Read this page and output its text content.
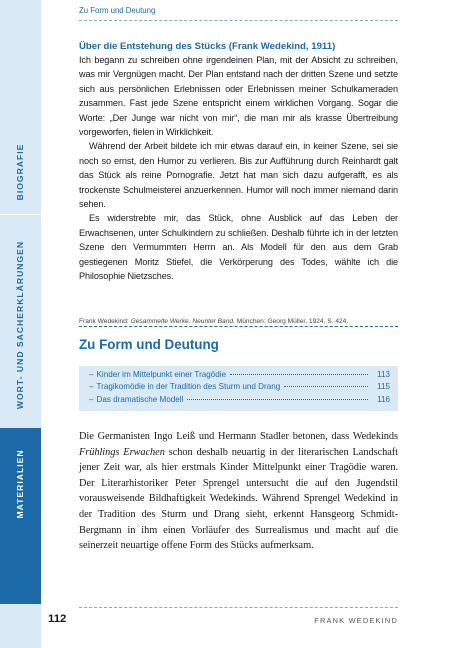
BIOGRAFIE
WORT- UND SACHERKLÄRUNGEN
MATERIALIEN
Zu Form und Deutung
Über die Entstehung des Stücks (Frank Wedekind, 1911)

Ich begann zu schreiben ohne irgendeinen Plan, mit der Absicht zu schreiben, was mir Vergnügen macht. Der Plan entstand nach der dritten Szene und setzte sich aus persönlichen Erlebnissen oder Erlebnissen meiner Schulkameraden zusammen. Fast jede Szene entspricht einem wirklichen Vorgang. Sogar die Worte: „Der Junge war nicht von mir“, die man mir als krasse Übertreibung vorgeworfen, fielen in Wirklichkeit.

Während der Arbeit bildete ich mir etwas darauf ein, in keiner Szene, sei sie noch so ernst, den Humor zu verlieren. Bis zur Aufführung durch Reinhardt galt das Stück als reine Pornografie. Jetzt hat man sich dazu aufgerafft, es als trockenste Schulmeisterei anzuerkennen. Humor will noch immer niemand darin sehen.

Es widerstrebte mir, das Stück, ohne Ausblick auf das Leben der Erwachsenen, unter Schulkindern zu schließen. Deshalb führte ich in der letzten Szene den Vermummten Herrn an. Als Modell für den aus dem Grab gestiegenen Moritz Stiefel, die Verkörperung des Todes, wählte ich die Philosophie Nietzsches.

Frank Wedekind: Gesammelte Werke. Neunter Band. München: Georg Müller, 1924, S. 424.
Zu Form und Deutung
– Kinder im Mittelpunkt einer Tragödie	113
– Tragikomödie in der Tradition des Sturm und Drang	115
– Das dramatische Modell	116
Die Germanisten Ingo Leiß und Hermann Stadler betonen, dass Wedekinds Frühlings Erwachen schon deshalb neuartig in der literarischen Landschaft jener Zeit war, als hier erstmals Kinder Mittelpunkt einer Tragödie waren. Der Literarhistoriker Peter Sprengel untersucht die auf den Jugendstil vorausweisende Bildhaftigkeit Wedekinds. Während Sprengel Wedekind in der Tradition des Sturm und Drang sieht, erkennt Hansgeorg Schmidt-Bergmann in ihm einen Vorläufer des Surrealismus und macht auf die seinerzeit neuartige offene Form des Stücks aufmerksam.
112	FRANK WEDEKIND
